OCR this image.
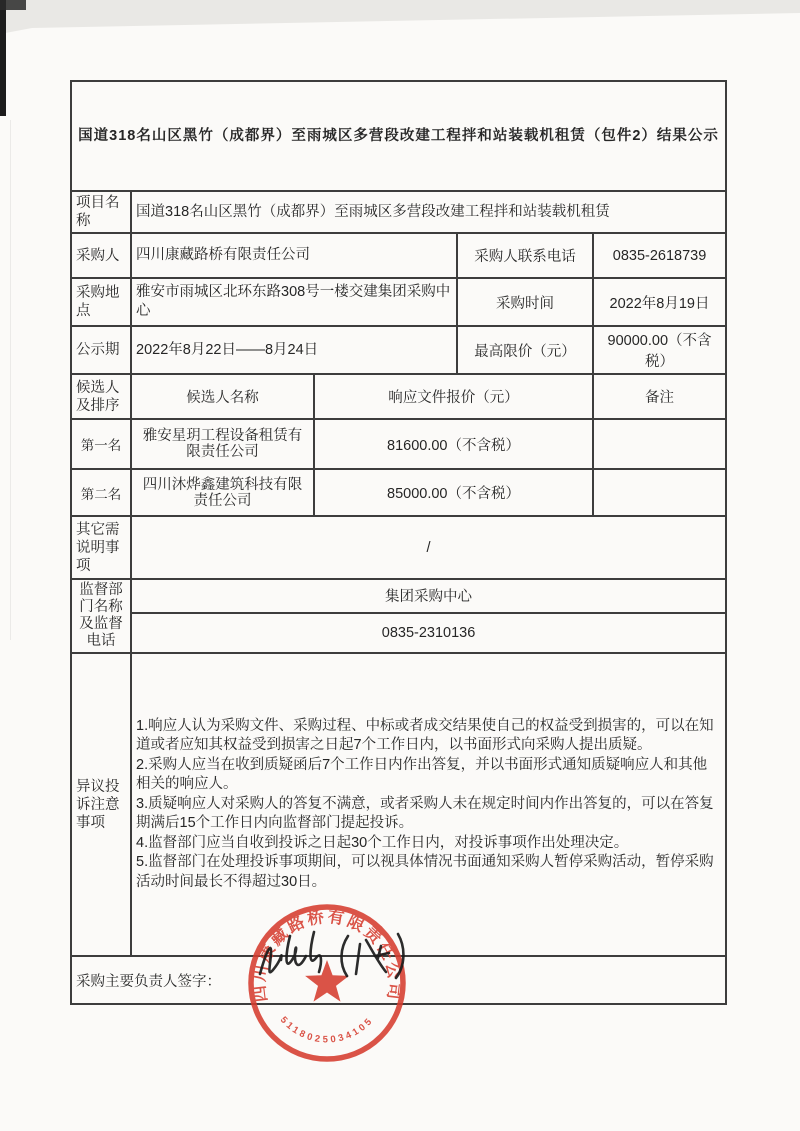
国道318名山区黑竹（成都界）至雨城区多营段改建工程拌和站装载机租赁（包件2）结果公示				
项目名称	国道318名山区黑竹（成都界）至雨城区多营段改建工程拌和站装载机租赁			
采购人	四川康藏路桥有限责任公司		采购人联系电话	0835-2618739
采购地点	雅安市雨城区北环东路308号一楼交建集团采购中心		采购时间	2022年8月19日
公示期	2022年8月22日——8月24日		最高限价（元）	90000.00（不含税）
候选人及排序	候选人名称	响应文件报价（元）		备注
第一名	雅安星玥工程设备租赁有限责任公司	81600.00（不含税）		
第二名	四川沐烨鑫建筑科技有限责任公司	85000.00（不含税）		
其它需说明事项	/			
监督部门名称及监督电话	集团采购中心			
	0835-2310136			
异议投诉注意事项	1.响应人认为采购文件、采购过程、中标或者成交结果使自己的权益受到损害的，可以在知道或者应知其权益受到损害之日起7个工作日内，以书面形式向采购人提出质疑。
2.采购人应当在收到质疑函后7个工作日内作出答复，并以书面形式通知质疑响应人和其他相关的响应人。
3.质疑响应人对采购人的答复不满意，或者采购人未在规定时间内作出答复的，可以在答复期满后15个工作日内向监督部门提起投诉。
4.监督部门应当自收到投诉之日起30个工作日内，对投诉事项作出处理决定。
5.监督部门在处理投诉事项期间，可以视具体情况书面通知采购人暂停采购活动，暂停采购活动时间最长不得超过30日。			

采购主要负责人签字：				
四川康藏路桥有限责任公司
5118025034105
